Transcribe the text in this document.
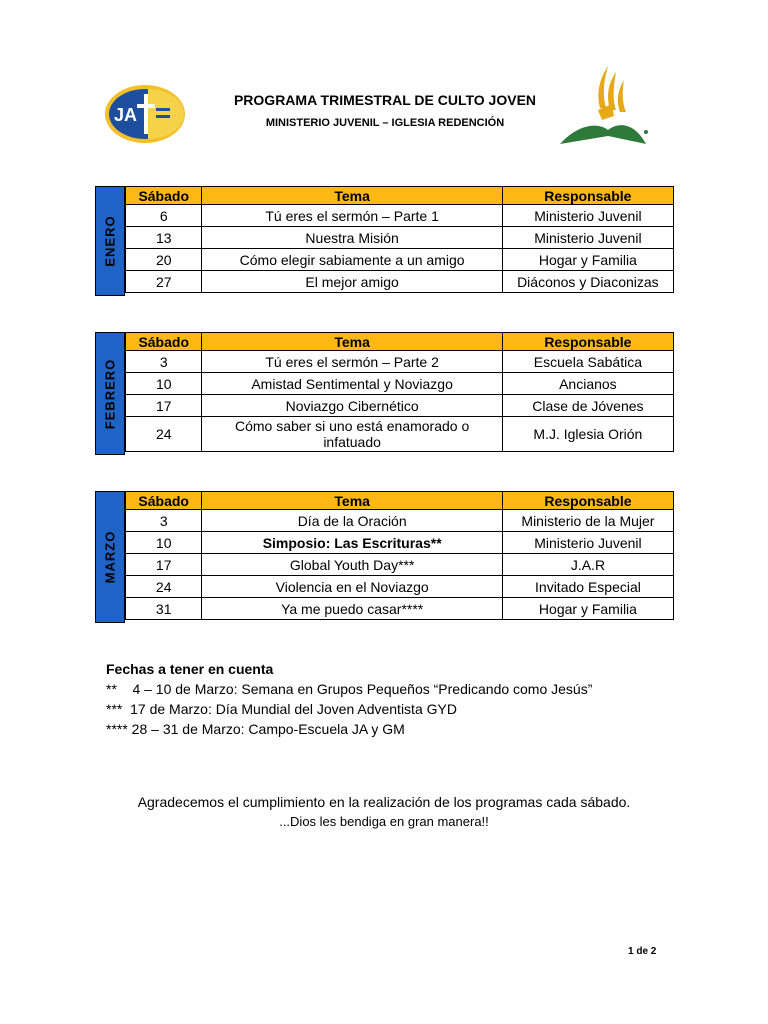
JA
PROGRAMA TRIMESTRAL DE CULTO JOVEN
MINISTERIO JUVENIL – IGLESIA REDENCIÓN
ENERO
Sábado	Tema	Responsable
6	Tú eres el sermón – Parte 1	Ministerio Juvenil
13	Nuestra Misión	Ministerio Juvenil
20	Cómo elegir sabiamente a un amigo	Hogar y Familia
27	El mejor amigo	Diáconos y Diaconizas
FEBRERO
Sábado	Tema	Responsable
3	Tú eres el sermón – Parte 2	Escuela Sabática
10	Amistad Sentimental y Noviazgo	Ancianos
17	Noviazgo Cibernético	Clase de Jóvenes
24	Cómo saber si uno está enamorado o infatuado	M.J. Iglesia Orión
MARZO
Sábado	Tema	Responsable
3	Día de la Oración	Ministerio de la Mujer
10	Simposio: Las Escrituras**	Ministerio Juvenil
17	Global Youth Day***	J.A.R
24	Violencia en el Noviazgo	Invitado Especial
31	Ya me puedo casar****	Hogar y Familia
Fechas a tener en cuenta
**    4 – 10 de Marzo: Semana en Grupos Pequeños “Predicando como Jesús”
***  17 de Marzo: Día Mundial del Joven Adventista GYD
**** 28 – 31 de Marzo: Campo-Escuela JA y GM
Agradecemos el cumplimiento en la realización de los programas cada sábado.
...Dios les bendiga en gran manera!!
1 de 2
